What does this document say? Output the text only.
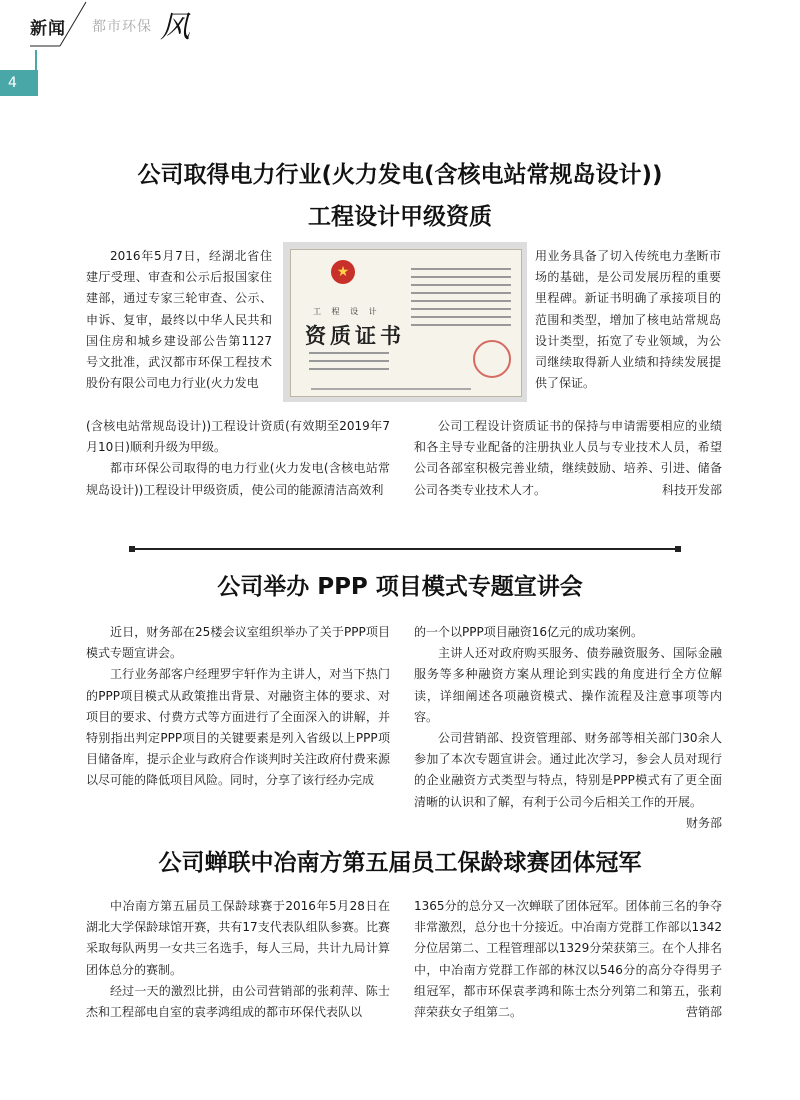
新闻 都市环保 风
4
公司取得电力行业(火力发电(含核电站常规岛设计))
工程设计甲级资质

2016年5月7日，经湖北省住建厅受理、审查和公示后报国家住建部，通过专家三轮审查、公示、申诉、复审，最终以中华人民共和国住房和城乡建设部公告第1127号文批准，武汉都市环保工程技术股份有限公司电力行业(火力发电

★
工 程 设 计
资质证书

(含核电站常规岛设计))工程设计资质(有效期至2019年7月10日)顺利升级为甲级。

都市环保公司取得的电力行业(火力发电(含核电站常规岛设计))工程设计甲级资质，使公司的能源清洁高效利

用业务具备了切入传统电力垄断市场的基础，是公司发展历程的重要里程碑。新证书明确了承接项目的范围和类型，增加了核电站常规岛设计类型，拓宽了专业领域，为公司继续取得新人业绩和持续发展提供了保证。

公司工程设计资质证书的保持与申请需要相应的业绩和各主导专业配备的注册执业人员与专业技术人员，希望公司各部室积极完善业绩，继续鼓励、培养、引进、储备公司各类专业技术人才。	科技开发部

公司举办 PPP 项目模式专题宣讲会

近日，财务部在25楼会议室组织举办了关于PPP项目模式专题宣讲会。

工行业务部客户经理罗宇轩作为主讲人，对当下热门的PPP项目模式从政策推出背景、对融资主体的要求、对项目的要求、付费方式等方面进行了全面深入的讲解，并特别指出判定PPP项目的关键要素是列入省级以上PPP项目储备库，提示企业与政府合作谈判时关注政府付费来源以尽可能的降低项目风险。同时，分享了该行经办完成

的一个以PPP项目融资16亿元的成功案例。

主讲人还对政府购买服务、债券融资服务、国际金融服务等多种融资方案从理论到实践的角度进行全方位解读，详细阐述各项融资模式、操作流程及注意事项等内容。

公司营销部、投资管理部、财务部等相关部门30余人参加了本次专题宣讲会。通过此次学习，参会人员对现行的企业融资方式类型与特点，特别是PPP模式有了更全面清晰的认识和了解，有利于公司今后相关工作的开展。
财务部

公司蝉联中冶南方第五届员工保龄球赛团体冠军

中冶南方第五届员工保龄球赛于2016年5月28日在湖北大学保龄球馆开赛，共有17支代表队组队参赛。比赛采取每队两男一女共三名选手，每人三局，共计九局计算团体总分的赛制。

经过一天的激烈比拼，由公司营销部的张莉萍、陈士杰和工程部电自室的袁孝鸿组成的都市环保代表队以

1365分的总分又一次蝉联了团体冠军。团体前三名的争夺非常激烈，总分也十分接近。中冶南方党群工作部以1342分位居第二、工程管理部以1329分荣获第三。在个人排名中，中冶南方党群工作部的林汉以546分的高分夺得男子组冠军，都市环保袁孝鸿和陈士杰分列第二和第五，张莉萍荣获女子组第二。	营销部
